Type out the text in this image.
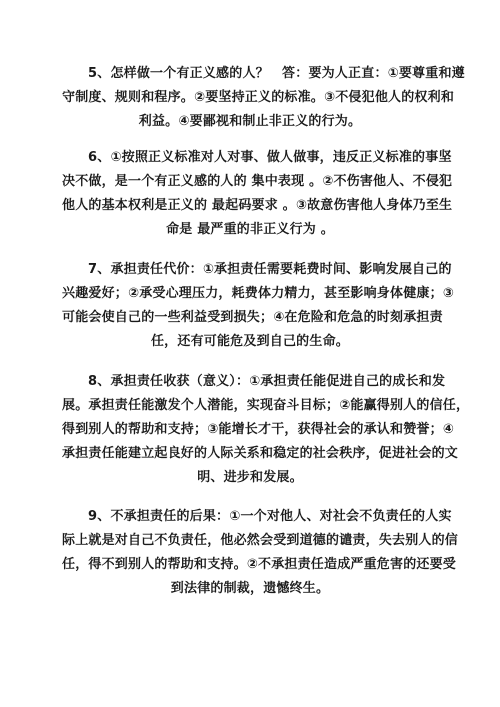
5、怎样做一个有正义感的人？　答：要为人正直：①要尊重和遵
守制度、规则和程序。②要坚持正义的标准。③不侵犯他人的权利和
利益。④要鄙视和制止非正义的行为。

6、①按照正义标准对人对事、做人做事，违反正义标准的事坚
决不做，是一个有正义感的人的 集中表现 。②不伤害他人、不侵犯
他人的基本权利是正义的 最起码要求 。③故意伤害他人身体乃至生
命是 最严重的非正义行为 。

7、承担责任代价：①承担责任需要耗费时间、影响发展自己的
兴趣爱好；②承受心理压力，耗费体力精力，甚至影响身体健康；③
可能会使自己的一些利益受到损失；④在危险和危急的时刻承担责
任，还有可能危及到自己的生命。

8、承担责任收获（意义）：①承担责任能促进自己的成长和发
展。承担责任能激发个人潜能，实现奋斗目标；②能赢得别人的信任，
得到别人的帮助和支持；③能增长才干，获得社会的承认和赞誉；④
承担责任能建立起良好的人际关系和稳定的社会秩序，促进社会的文
明、进步和发展。

9、不承担责任的后果：①一个对他人、对社会不负责任的人实
际上就是对自己不负责任，他必然会受到道德的谴责，失去别人的信
任，得不到别人的帮助和支持。②不承担责任造成严重危害的还要受
到法律的制裁，遗憾终生。
